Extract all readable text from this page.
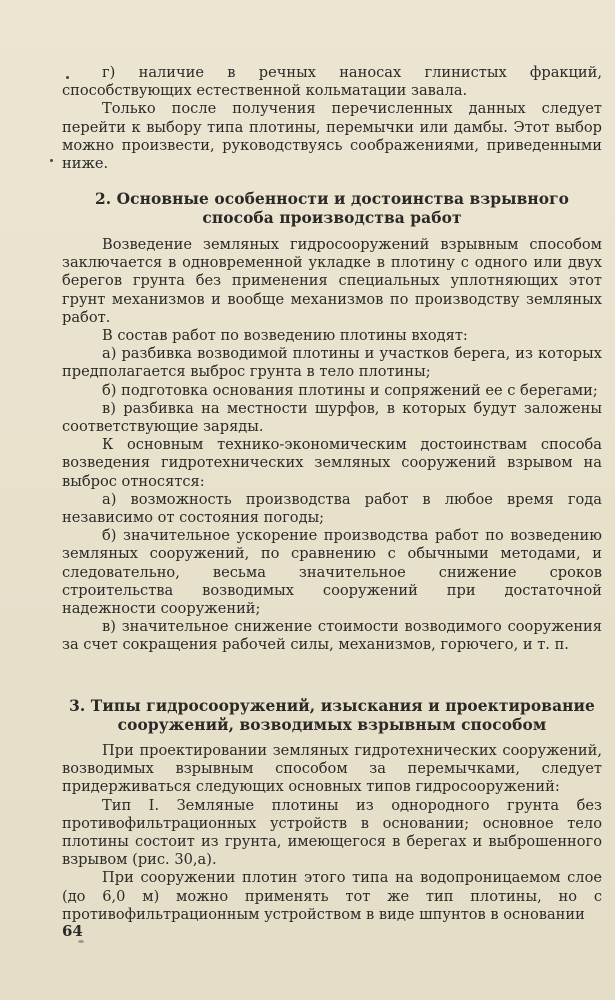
г) наличие в речных наносах глинистых фракций, способствующих естественной кольматации завала.

Только после получения перечисленных данных следует перейти к выбору типа плотины, перемычки или дамбы. Этот выбор можно произвести, руководствуясь соображениями, приведенными ниже.

2. Основные особенности и достоинства взрывного способа производства работ

Возведение земляных гидросооружений взрывным способом заключается в одновременной укладке в плотину с одного или двух берегов грунта без применения специальных уплотняющих этот грунт механизмов и вообще механизмов по производству земляных работ.

В состав работ по возведению плотины входят:

а) разбивка возводимой плотины и участков берега, из которых предполагается выброс грунта в тело плотины;

б) подготовка основания плотины и сопряжений ее с берегами;

в) разбивка на местности шурфов, в которых будут заложены соответствующие заряды.

К основным технико-экономическим достоинствам способа возведения гидротехнических земляных сооружений взрывом на выброс относятся:

а) возможность производства работ в любое время года независимо от состояния погоды;

б) значительное ускорение производства работ по возведению земляных сооружений, по сравнению с обычными методами, и следовательно, весьма значительное снижение сроков строительства возводимых сооружений при достаточной надежности сооружений;

в) значительное снижение стоимости возводимого сооружения за счет сокращения рабочей силы, механизмов, горючего, и т. п.

3. Типы гидросооружений, изыскания и проектирование сооружений, возводимых взрывным способом

При проектировании земляных гидротехнических сооружений, возводимых взрывным способом за перемычками, следует придерживаться следующих основных типов гидросооружений:

Тип I. Земляные плотины из однородного грунта без противофильтрационных устройств в основании; основное тело плотины состоит из грунта, имеющегося в берегах и выброшенного взрывом (рис. 30,а).

При сооружении плотин этого типа на водопроницаемом слое (до 6,0 м) можно применять тот же тип плотины, но с противофильтрационным устройством в виде шпунтов в основании

64
